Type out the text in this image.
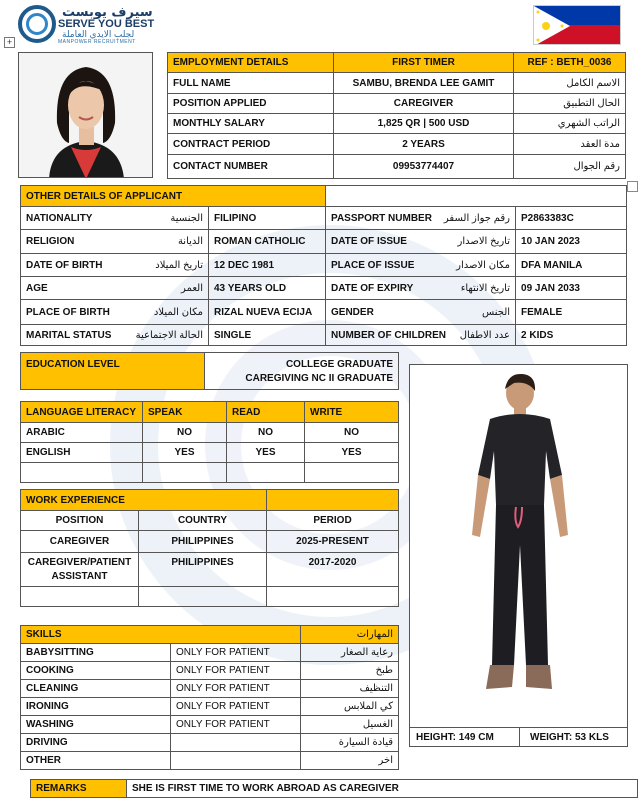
سيرف يوبست
SERVE YOU BEST
لجلب الايدي العاملة
MANPOWER RECRUITMENT
+
EMPLOYMENT DETAILS	FIRST TIMER	REF : BETH_0036
FULL NAME	SAMBU, BRENDA LEE GAMIT	الاسم الكامل
POSITION APPLIED	CAREGIVER	الحال التطبيق
MONTHLY SALARY	1,825 QR | 500 USD	الراتب الشهري
CONTRACT PERIOD	2 YEARS	مدة العقد
CONTACT NUMBER	09953774407	رقم الجوال
OTHER DETAILS OF APPLICANT			
NATIONALITY الجنسية	FILIPINO	PASSPORT NUMBER رقم جواز السفر	P2863383C
RELIGION الديانة	ROMAN CATHOLIC	DATE OF ISSUE تاريخ الاصدار	10 JAN 2023
DATE OF BIRTH تاريخ الميلاد	12 DEC 1981	PLACE OF ISSUE مكان الاصدار	DFA MANILA
AGE العمر	43 YEARS OLD	DATE OF EXPIRY تاريخ الانتهاء	09 JAN 2033
PLACE OF BIRTH مكان الميلاد	RIZAL NUEVA ECIJA	GENDER الجنس	FEMALE
MARITAL STATUS الحالة الاجتماعية	SINGLE	NUMBER OF CHILDREN عدد الاطفال	2 KIDS
EDUCATION LEVEL	COLLEGE GRADUATE
CAREGIVING NC II GRADUATE
LANGUAGE LITERACY	SPEAK	READ	WRITE
ARABIC	NO	NO	NO
ENGLISH	YES	YES	YES

WORK EXPERIENCE		
POSITION	COUNTRY	PERIOD
CAREGIVER	PHILIPPINES	2025-PRESENT
CAREGIVER/PATIENT ASSISTANT	PHILIPPINES	2017-2020

SKILLS		المهارات
BABYSITTING	ONLY FOR PATIENT	رعاية الصغار
COOKING	ONLY FOR PATIENT	طبخ
CLEANING	ONLY FOR PATIENT	التنظيف
IRONING	ONLY FOR PATIENT	كي الملابس
WASHING	ONLY FOR PATIENT	الغسيل
DRIVING		قيادة السيارة
OTHER		اخر
HEIGHT: 149 CM	WEIGHT: 53 KLS
REMARKS	SHE IS FIRST TIME TO WORK ABROAD AS CAREGIVER
